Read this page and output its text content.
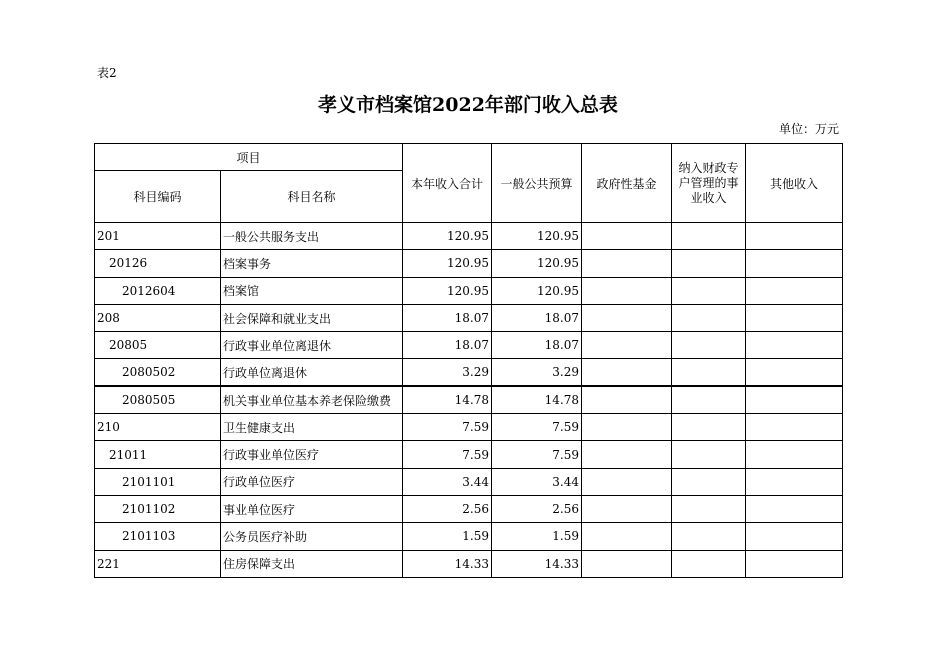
表2
孝义市档案馆2022年部门收入总表
单位：万元
项目		本年收入合计	一般公共预算	政府性基金	纳入财政专户管理的事业收入	其他收入
科目编码	科目名称					
201	一般公共服务支出	120.95	120.95			
20126	档案事务	120.95	120.95			
2012604	档案馆	120.95	120.95			
208	社会保障和就业支出	18.07	18.07			
20805	行政事业单位离退休	18.07	18.07			
2080502	行政单位离退休	3.29	3.29			
2080505	机关事业单位基本养老保险缴费	14.78	14.78			
210	卫生健康支出	7.59	7.59			
21011	行政事业单位医疗	7.59	7.59			
2101101	行政单位医疗	3.44	3.44			
2101102	事业单位医疗	2.56	2.56			
2101103	公务员医疗补助	1.59	1.59			
221	住房保障支出	14.33	14.33			
